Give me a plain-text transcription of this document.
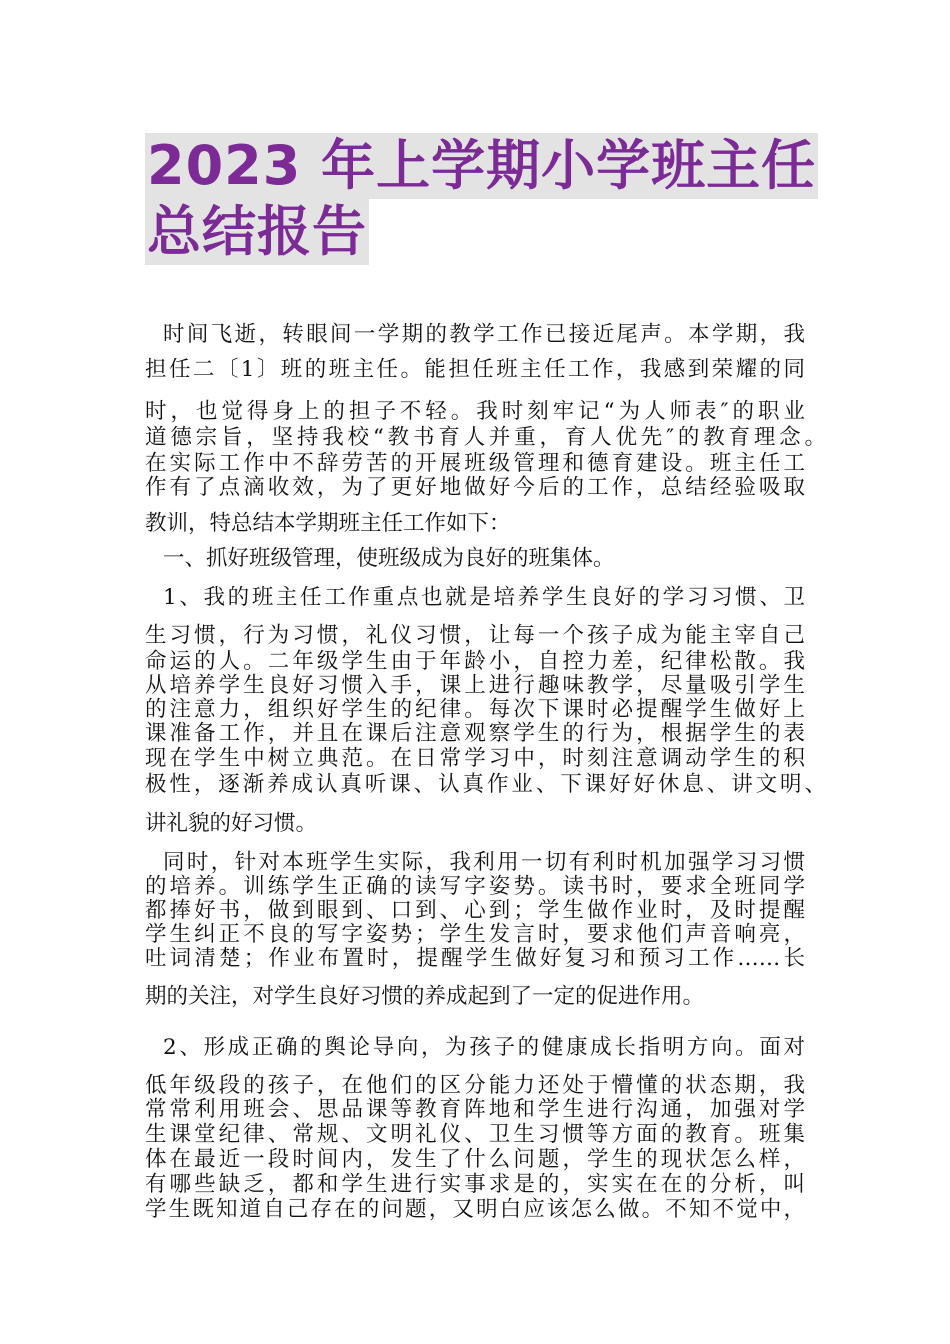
2023 年上学期小学班主任
总结报告
时间飞逝，转眼间一学期的教学工作已接近尾声。本学期，我
担任二〔1〕班的班主任。能担任班主任工作，我感到荣耀的同
时，也觉得身上的担子不轻。我时刻牢记“为人师表″的职业
道德宗旨，坚持我校“教书育人并重，育人优先″的教育理念。
在实际工作中不辞劳苦的开展班级管理和德育建设。班主任工
作有了点滴收效，为了更好地做好今后的工作，总结经验吸取
教训，特总结本学期班主任工作如下：
一、抓好班级管理，使班级成为良好的班集体。
1、我的班主任工作重点也就是培养学生良好的学习习惯、卫
生习惯，行为习惯，礼仪习惯，让每一个孩子成为能主宰自己
命运的人。二年级学生由于年龄小，自控力差，纪律松散。我
从培养学生良好习惯入手，课上进行趣味教学，尽量吸引学生
的注意力，组织好学生的纪律。每次下课时必提醒学生做好上
课准备工作，并且在课后注意观察学生的行为，根据学生的表
现在学生中树立典范。在日常学习中，时刻注意调动学生的积
极性，逐渐养成认真听课、认真作业、下课好好休息、讲文明、
讲礼貌的好习惯。
同时，针对本班学生实际，我利用一切有利时机加强学习习惯
的培养。训练学生正确的读写字姿势。读书时，要求全班同学
都捧好书，做到眼到、口到、心到；学生做作业时，及时提醒
学生纠正不良的写字姿势；学生发言时，要求他们声音响亮，
吐词清楚；作业布置时，提醒学生做好复习和预习工作……长
期的关注，对学生良好习惯的养成起到了一定的促进作用。
2、形成正确的舆论导向，为孩子的健康成长指明方向。面对
低年级段的孩子，在他们的区分能力还处于懵懂的状态期，我
常常利用班会、思品课等教育阵地和学生进行沟通，加强对学
生课堂纪律、常规、文明礼仪、卫生习惯等方面的教育。班集
体在最近一段时间内，发生了什么问题，学生的现状怎么样，
有哪些缺乏，都和学生进行实事求是的，实实在在的分析，叫
学生既知道自己存在的问题，又明白应该怎么做。不知不觉中，
